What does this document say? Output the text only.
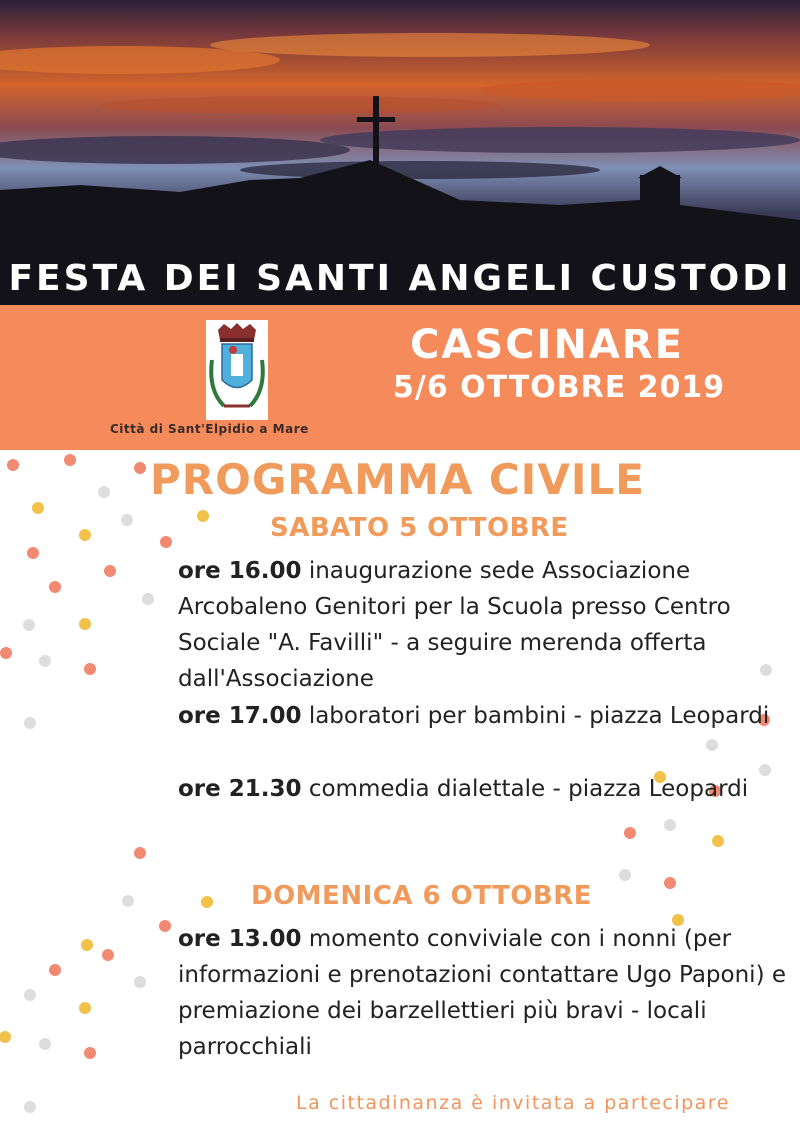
FESTA DEI SANTI ANGELI CUSTODI
Città di Sant'Elpidio a Mare
CASCINARE
5/6 OTTOBRE 2019
PROGRAMMA CIVILE
SABATO 5 OTTOBRE
ore 16.00 inaugurazione sede Associazione Arcobaleno Genitori per la Scuola presso Centro Sociale "A. Favilli" - a seguire merenda offerta dall'Associazione
ore 17.00 laboratori per bambini - piazza Leopardi
ore 21.30 commedia dialettale - piazza Leopardi
DOMENICA 6 OTTOBRE
ore 13.00 momento conviviale con i nonni (per informazioni e prenotazioni contattare Ugo Paponi) e premiazione dei barzellettieri più bravi - locali parrocchiali
La cittadinanza è invitata a partecipare
